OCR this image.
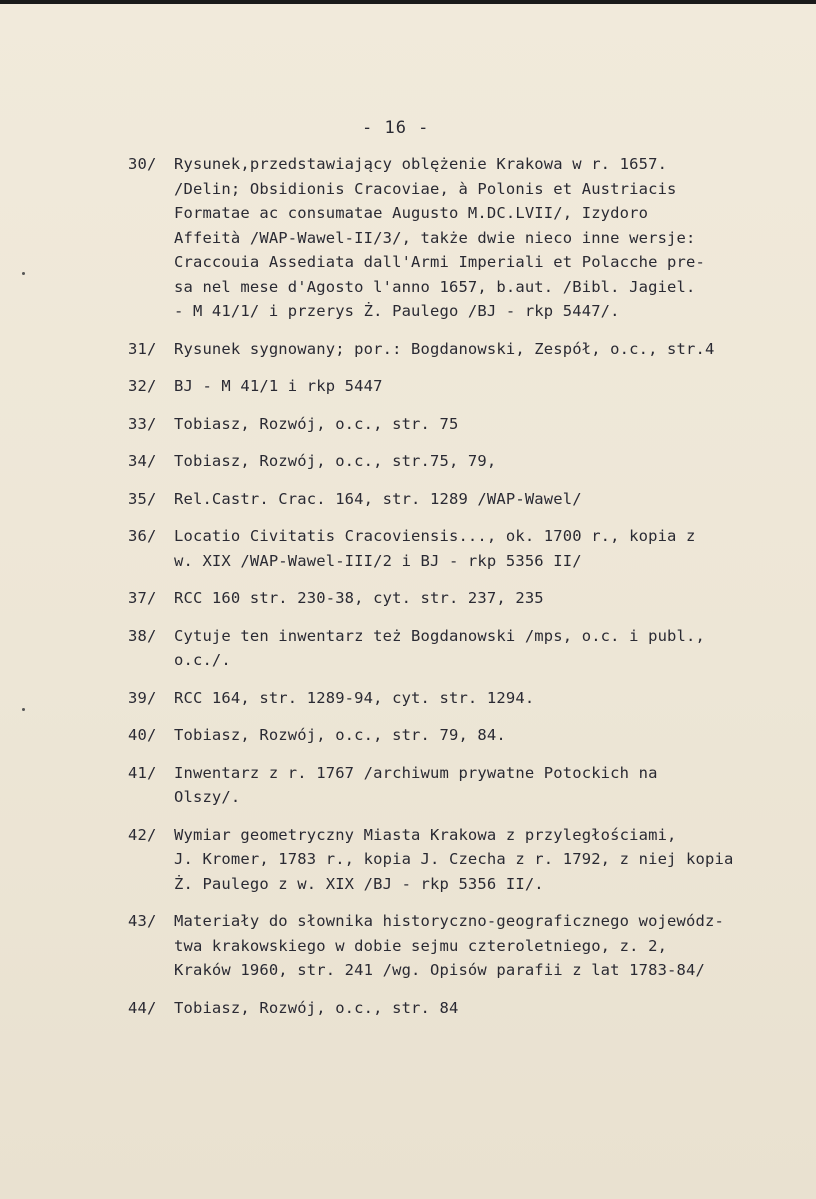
- 16 -
30/	Rysunek,przedstawiający oblężenie Krakowa w r. 1657.
/Delin; Obsidionis Cracoviae, à Polonis et Austriacis
Formatae ac consumatae Augusto M.DC.LVII/, Izydoro
Affeità /WAP-Wawel-II/3/, także dwie nieco inne wersje:
Craccouia Assediata dall'Armi Imperiali et Polacche pre-
sa nel mese d'Agosto l'anno 1657, b.aut. /Bibl. Jagiel.
- M 41/1/ i przerys Ż. Paulego /BJ - rkp 5447/.
31/	Rysunek sygnowany; por.: Bogdanowski, Zespół, o.c., str.4
32/	BJ - M 41/1 i rkp 5447
33/	Tobiasz, Rozwój, o.c., str. 75
34/	Tobiasz, Rozwój, o.c., str.75, 79,
35/	Rel.Castr. Crac. 164, str. 1289 /WAP-Wawel/
36/	Locatio Civitatis Cracoviensis..., ok. 1700 r., kopia z
w. XIX /WAP-Wawel-III/2 i BJ - rkp 5356 II/
37/	RCC 160 str. 230-38, cyt. str. 237, 235
38/	Cytuje ten inwentarz też Bogdanowski /mps, o.c. i publ.,
o.c./.
39/	RCC 164, str. 1289-94, cyt. str. 1294.
40/	Tobiasz, Rozwój, o.c., str. 79, 84.
41/	Inwentarz z r. 1767 /archiwum prywatne Potockich na
Olszy/.
42/	Wymiar geometryczny Miasta Krakowa z przyległościami,
J. Kromer, 1783 r., kopia J. Czecha z r. 1792, z niej kopia
Ż. Paulego z w. XIX /BJ - rkp 5356 II/.
43/	Materiały do słownika historyczno-geograficznego wojewódz-
twa krakowskiego w dobie sejmu czteroletniego, z. 2,
Kraków 1960, str. 241 /wg. Opisów parafii z lat 1783-84/
44/	Tobiasz, Rozwój, o.c., str. 84
